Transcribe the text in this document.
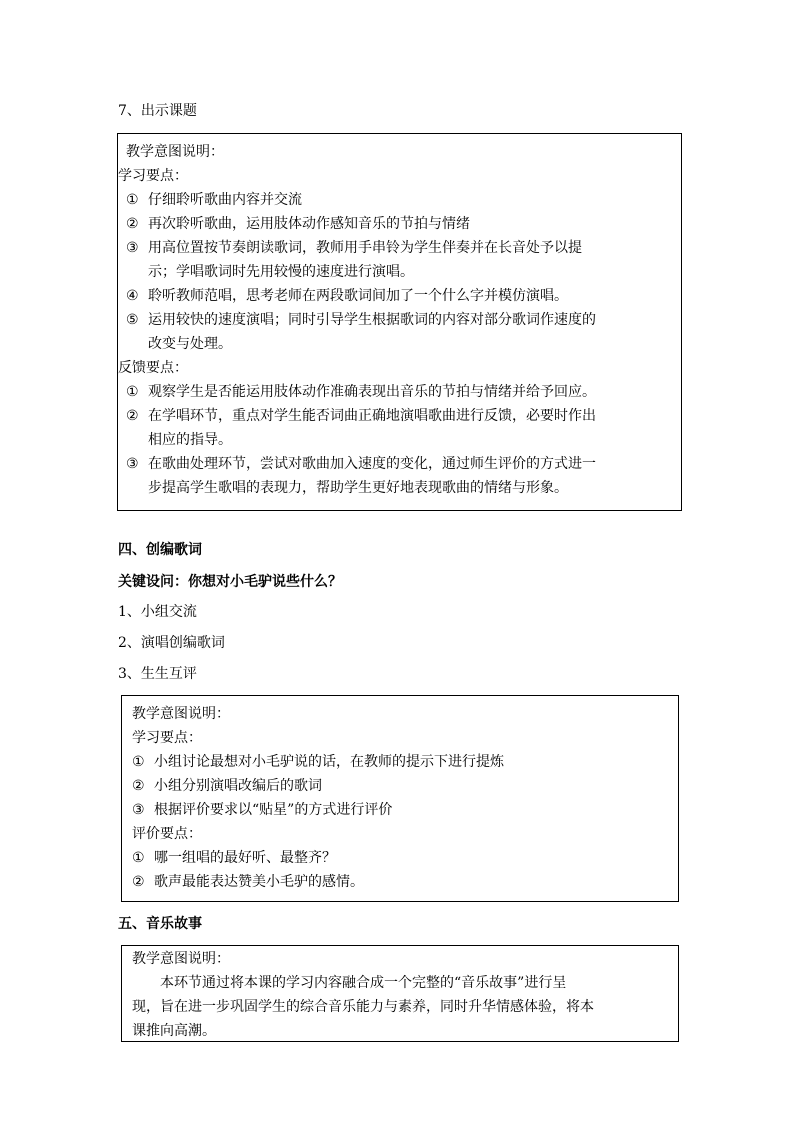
7、出示课题
教学意图说明：
学习要点：
① 仔细聆听歌曲内容并交流
② 再次聆听歌曲，运用肢体动作感知音乐的节拍与情绪
③ 用高位置按节奏朗读歌词，教师用手串铃为学生伴奏并在长音处予以提
示；学唱歌词时先用较慢的速度进行演唱。
④ 聆听教师范唱，思考老师在两段歌词间加了一个什么字并模仿演唱。
⑤ 运用较快的速度演唱；同时引导学生根据歌词的内容对部分歌词作速度的
改变与处理。
反馈要点：
① 观察学生是否能运用肢体动作准确表现出音乐的节拍与情绪并给予回应。
② 在学唱环节，重点对学生能否词曲正确地演唱歌曲进行反馈，必要时作出
相应的指导。
③ 在歌曲处理环节，尝试对歌曲加入速度的变化，通过师生评价的方式进一
步提高学生歌唱的表现力，帮助学生更好地表现歌曲的情绪与形象。
四、创编歌词
关键设问：你想对小毛驴说些什么？
1、小组交流
2、演唱创编歌词
3、生生互评
教学意图说明：
学习要点：
① 小组讨论最想对小毛驴说的话，在教师的提示下进行提炼
② 小组分别演唱改编后的歌词
③ 根据评价要求以“贴星”的方式进行评价
评价要点：
① 哪一组唱的最好听、最整齐？
② 歌声最能表达赞美小毛驴的感情。
五、音乐故事
教学意图说明：
本环节通过将本课的学习内容融合成一个完整的“音乐故事”进行呈
现，旨在进一步巩固学生的综合音乐能力与素养，同时升华情感体验，将本
课推向高潮。
